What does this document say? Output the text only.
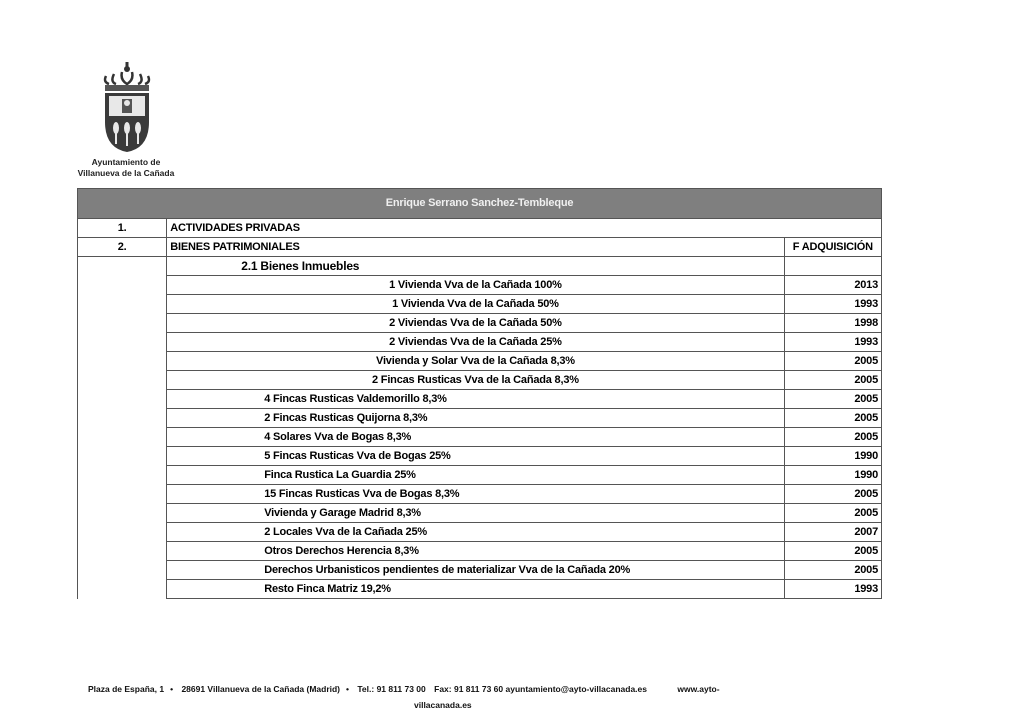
Ayuntamiento de
Villanueva de la Cañada
Enrique Serrano Sanchez-Tembleque		
1.	ACTIVIDADES PRIVADAS	
2.	BIENES PATRIMONIALES	F ADQUISICIÓN
	2.1 Bienes Inmuebles	
	1 Vivienda Vva de la Cañada 100%	2013
	1 Vivienda Vva de la Cañada 50%	1993
	2 Viviendas Vva de la Cañada 50%	1998
	2 Viviendas Vva de la Cañada 25%	1993
	Vivienda y Solar Vva de la Cañada 8,3%	2005
	2 Fincas Rusticas Vva de la Cañada 8,3%	2005
	4 Fincas Rusticas Valdemorillo 8,3%	2005
	2 Fincas Rusticas Quijorna 8,3%	2005
	4 Solares Vva de Bogas 8,3%	2005
	5 Fincas Rusticas Vva de Bogas 25%	1990
	Finca Rustica La Guardia 25%	1990
	15 Fincas Rusticas Vva de Bogas 8,3%	2005
	Vivienda y Garage Madrid 8,3%	2005
	2 Locales Vva de la Cañada 25%	2007
	Otros Derechos Herencia 8,3%	2005
	Derechos Urbanisticos pendientes de materializar Vva de la Cañada 20%	2005
	Resto Finca Matriz 19,2%	1993
Plaza de España, 1 • 28691 Villanueva de la Cañada (Madrid) • Tel.: 91 811 73 00 Fax: 91 811 73 60 ayuntamiento@ayto-villacanada.es	www.ayto-
villacanada.es
